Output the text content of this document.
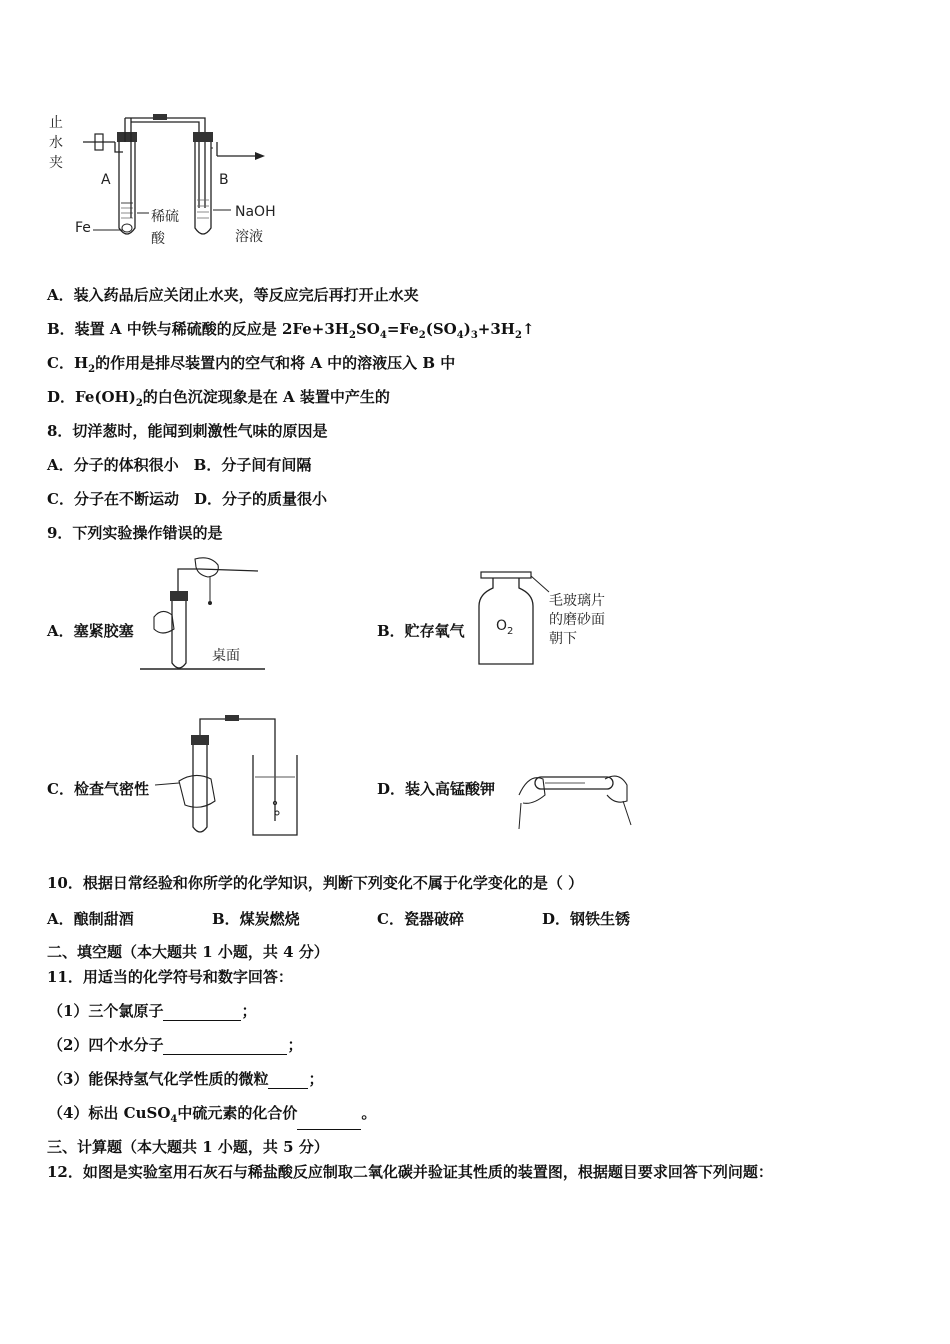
止
水
夹
A	B
Fe
稀硫
酸
NaOH
溶液
A．装入药品后应关闭止水夹，等反应完后再打开止水夹
B．装置 A 中铁与稀硫酸的反应是 $2Fe+3H_2SO_4=Fe_2(SO_4)_3+3H_2↑$
C．$H_2$的作用是排尽装置内的空气和将 A 中的溶液压入 B 中
D．$Fe(OH)_2$的白色沉淀现象是在 A 装置中产生的
8．切洋葱时，能闻到刺激性气味的原因是
A．分子的体积很小　B．分子间有间隔
C．分子在不断运动　D．分子的质量很小
9．下列实验操作错误的是
桌面
A．塞紧胶塞	B．贮存氧气 $O_2$
毛玻璃片
的磨砂面
朝下
C．检查气密性	D．装入高锰酸钾
10．根据日常经验和你所学的化学知识，判断下列变化不属于化学变化的是（ ）
A．酿制甜酒	B．煤炭燃烧	C．瓷器破碎	D．钢铁生锈
二、填空题（本大题共 1 小题，共 4 分）
11．用适当的化学符号和数字回答：
（1）三个氯原子	；
（2）四个水分子	；
（3）能保持氢气化学性质的微粒	；
（4）标出 CuSO$_4$中硫元素的化合价	。
三、计算题（本大题共 1 小题，共 5 分）
12．如图是实验室用石灰石与稀盐酸反应制取二氧化碳并验证其性质的装置图，根据题目要求回答下列问题：
